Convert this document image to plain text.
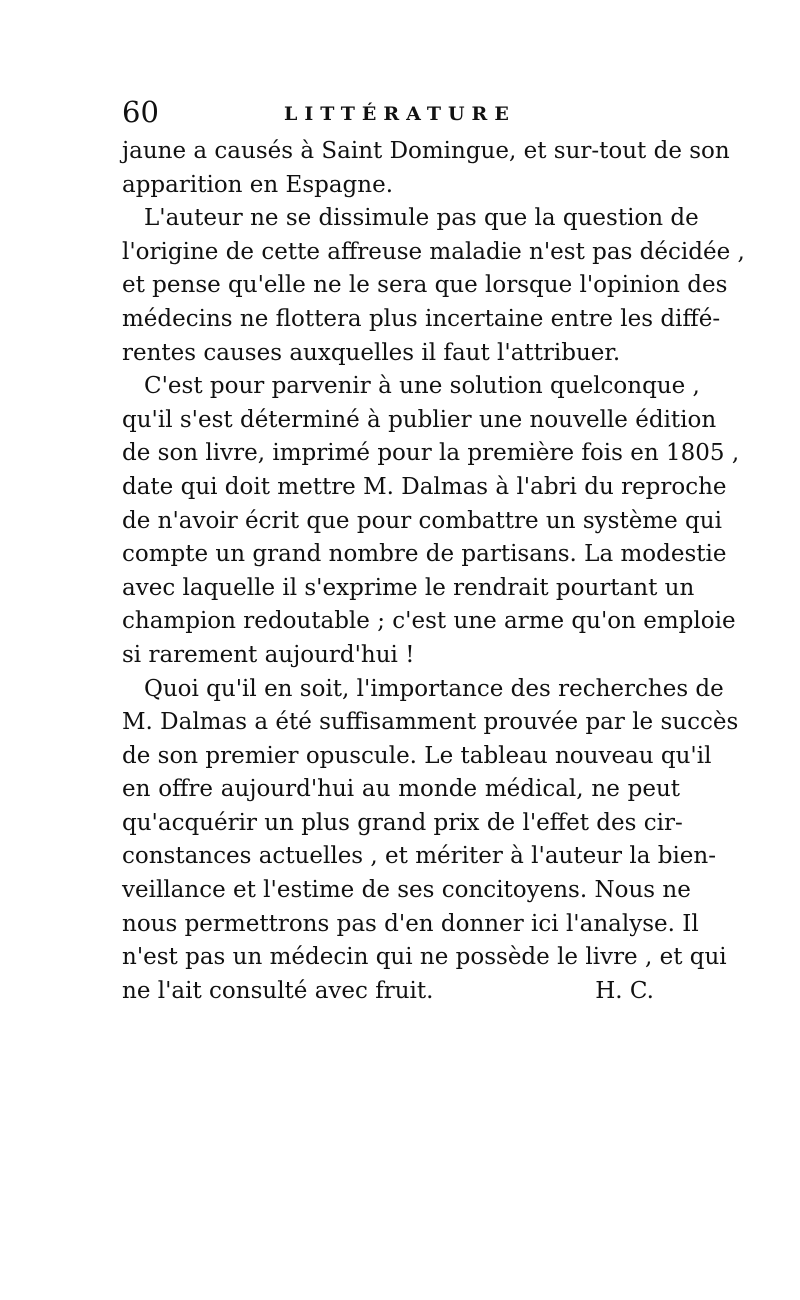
60	LITTÉRATURE
jaune a causés à Saint Domingue, et sur-tout de son
apparition en Espagne.
L'auteur ne se dissimule pas que la question de
l'origine de cette affreuse maladie n'est pas décidée ,
et pense qu'elle ne le sera que lorsque l'opinion des
médecins ne flottera plus incertaine entre les diffé-
rentes causes auxquelles il faut l'attribuer.
C'est pour parvenir à une solution quelconque ,
qu'il s'est déterminé à publier une nouvelle édition
de son livre, imprimé pour la première fois en 1805 ,
date qui doit mettre M. Dalmas à l'abri du reproche
de n'avoir écrit que pour combattre un système qui
compte un grand nombre de partisans. La modestie
avec laquelle il s'exprime le rendrait pourtant un
champion redoutable ; c'est une arme qu'on emploie
si rarement aujourd'hui !
Quoi qu'il en soit, l'importance des recherches de
M. Dalmas a été suffisamment prouvée par le succès
de son premier opuscule. Le tableau nouveau qu'il
en offre aujourd'hui au monde médical, ne peut
qu'acquérir un plus grand prix de l'effet des cir-
constances actuelles , et mériter à l'auteur la bien-
veillance et l'estime de ses concitoyens. Nous ne
nous permettrons pas d'en donner ici l'analyse. Il
n'est pas un médecin qui ne possède le livre , et qui
ne l'ait consulté avec fruit.	H. C.
